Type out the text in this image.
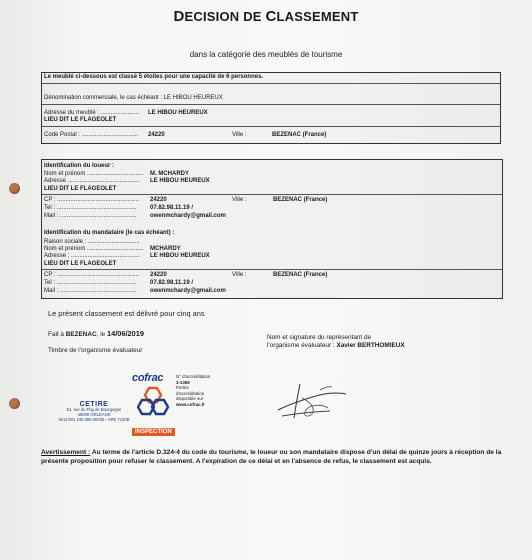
DECISION DE CLASSEMENT
dans la catégorie des meublés de tourisme
Le meublé ci-dessous est classé 5 étoiles pour une capacité de 6 personnes.
Dénomination commerciale, le cas échéant : LE HIBOU HEUREUX
Adresse du meublé : ....................... LE HIBOU HEUREUX
LIEU DIT LE FLAGEOLET
Code Postal : .................................. 24220	Ville :	BEZENAC (France)
Identification du loueur :
Nom et prénom .................................. M. MCHARDY
Adresse ........................................... LE HIBOU HEUREUX
LIEU DIT LE FLAGEOLET
CP : ................................................. 24220	Ville :	BEZENAC (France)
Tel : ................................................ 07.82.98.11.19 /
Mail : .............................................. owenmchardy@gmail.com
Identification du mandataire (le cas échéant) :
Raison sociale : ...............................
Nom et prénom .................................. MCHARDY
Adresse : ......................................... LE HIBOU HEUREUX
LIEU DIT LE FLAGEOLET
CP : ................................................. 24220	Ville :	BEZENAC (France)
Tel : ................................................ 07.82.98.11.19 /
Mail : .............................................. owenmchardy@gmail.com
Le présent classement est délivré pour cinq ans
Fait à BEZENAC, le 14/06/2019
Timbre de l'organisme évaluateur
Nom et signature du représentant de
l'organisme évaluateur : Xavier BERTHOMIEUX
CETIRE
51, rue du Fbg de Bourgogne
45000 ORLEANS
Siret 801 445 988 00035 - APE 7120B
cofrac
INSPECTION
N° d'accréditation
3-1356
Portée
d'accréditation
disponible sur
www.cofrac.fr
Avertissement : Au terme de l'article D.324-4 du code du tourisme, le loueur ou son mandataire dispose d'un délai de quinze jours à réception de la présente proposition pour refuser le classement. A l'expiration de ce délai et en l'absence de refus, le classement est acquis.
